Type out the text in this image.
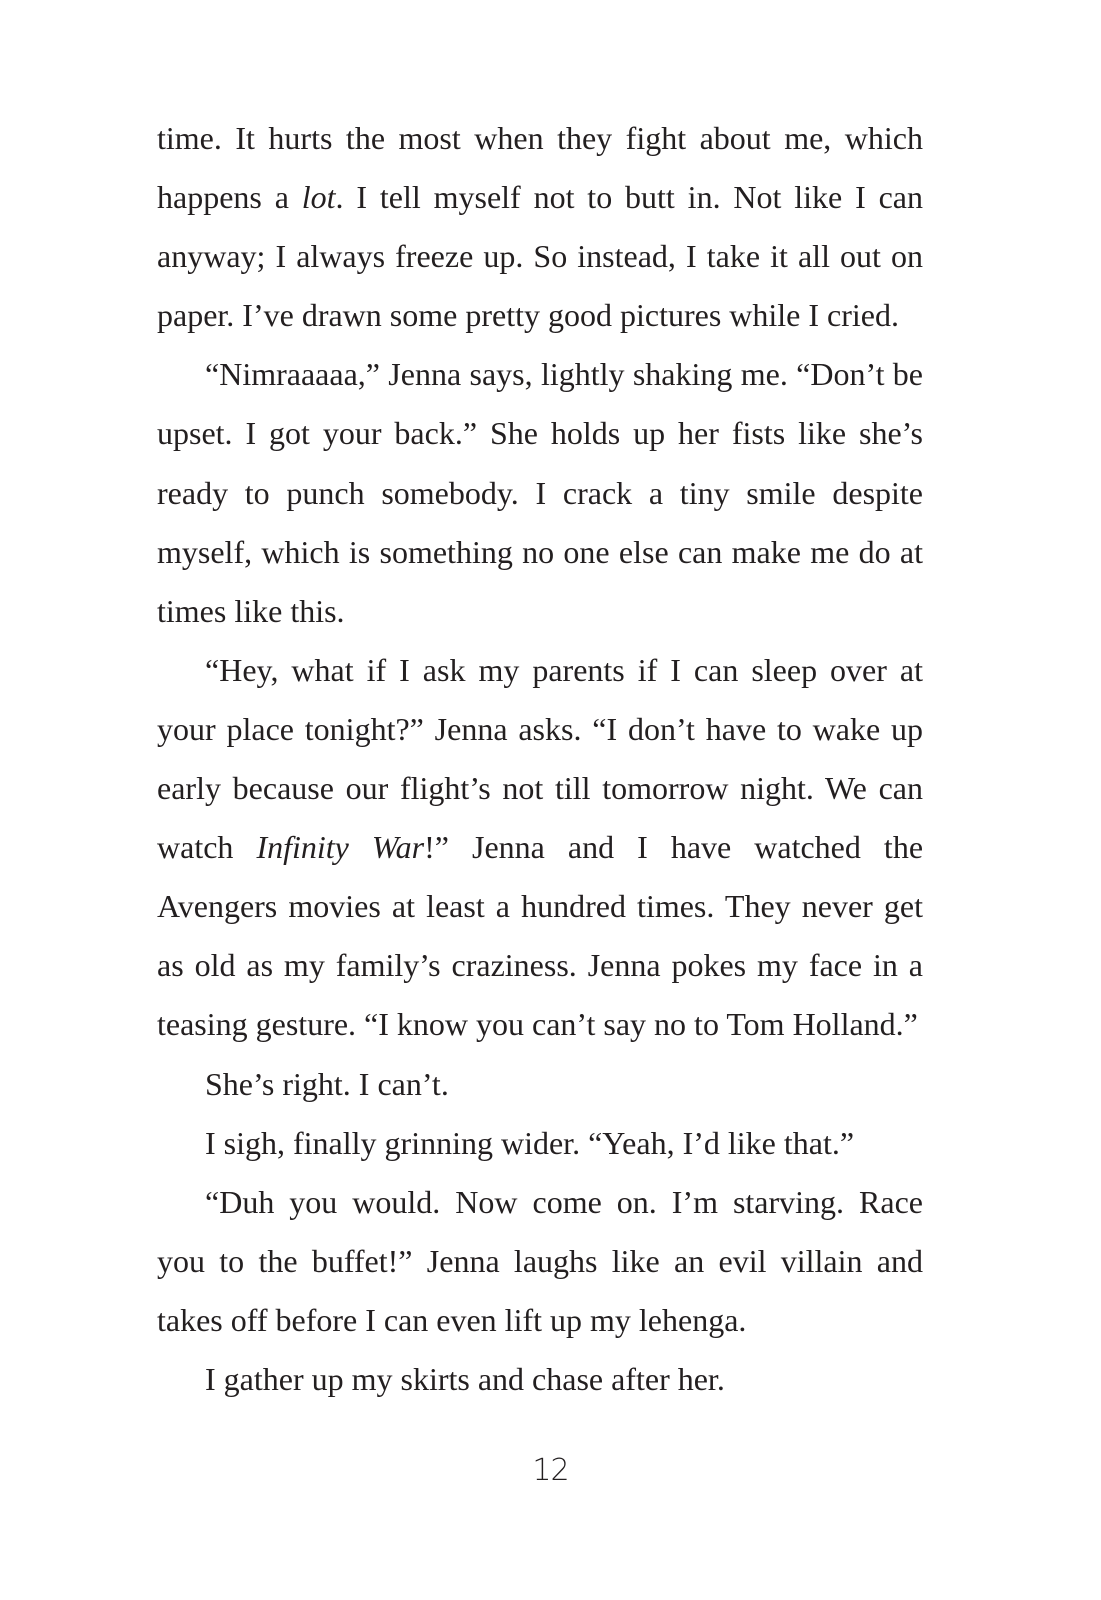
time. It hurts the most when they fight about me, which happens a lot. I tell myself not to butt in. Not like I can anyway; I always freeze up. So instead, I take it all out on paper. I’ve drawn some pretty good pictures while I cried.

“Nimraaaaa,” Jenna says, lightly shaking me. “Don’t be upset. I got your back.” She holds up her fists like she’s ready to punch somebody. I crack a tiny smile despite myself, which is something no one else can make me do at times like this.

“Hey, what if I ask my parents if I can sleep over at your place tonight?” Jenna asks. “I don’t have to wake up early because our flight’s not till tomorrow night. We can watch Infinity War!” Jenna and I have watched the Avengers movies at least a hundred times. They never get as old as my family’s craziness. Jenna pokes my face in a teasing gesture. “I know you can’t say no to Tom Holland.”

She’s right. I can’t.

I sigh, finally grinning wider. “Yeah, I’d like that.”

“Duh you would. Now come on. I’m starving. Race you to the buffet!” Jenna laughs like an evil villain and takes off before I can even lift up my lehenga.

I gather up my skirts and chase after her.

12
